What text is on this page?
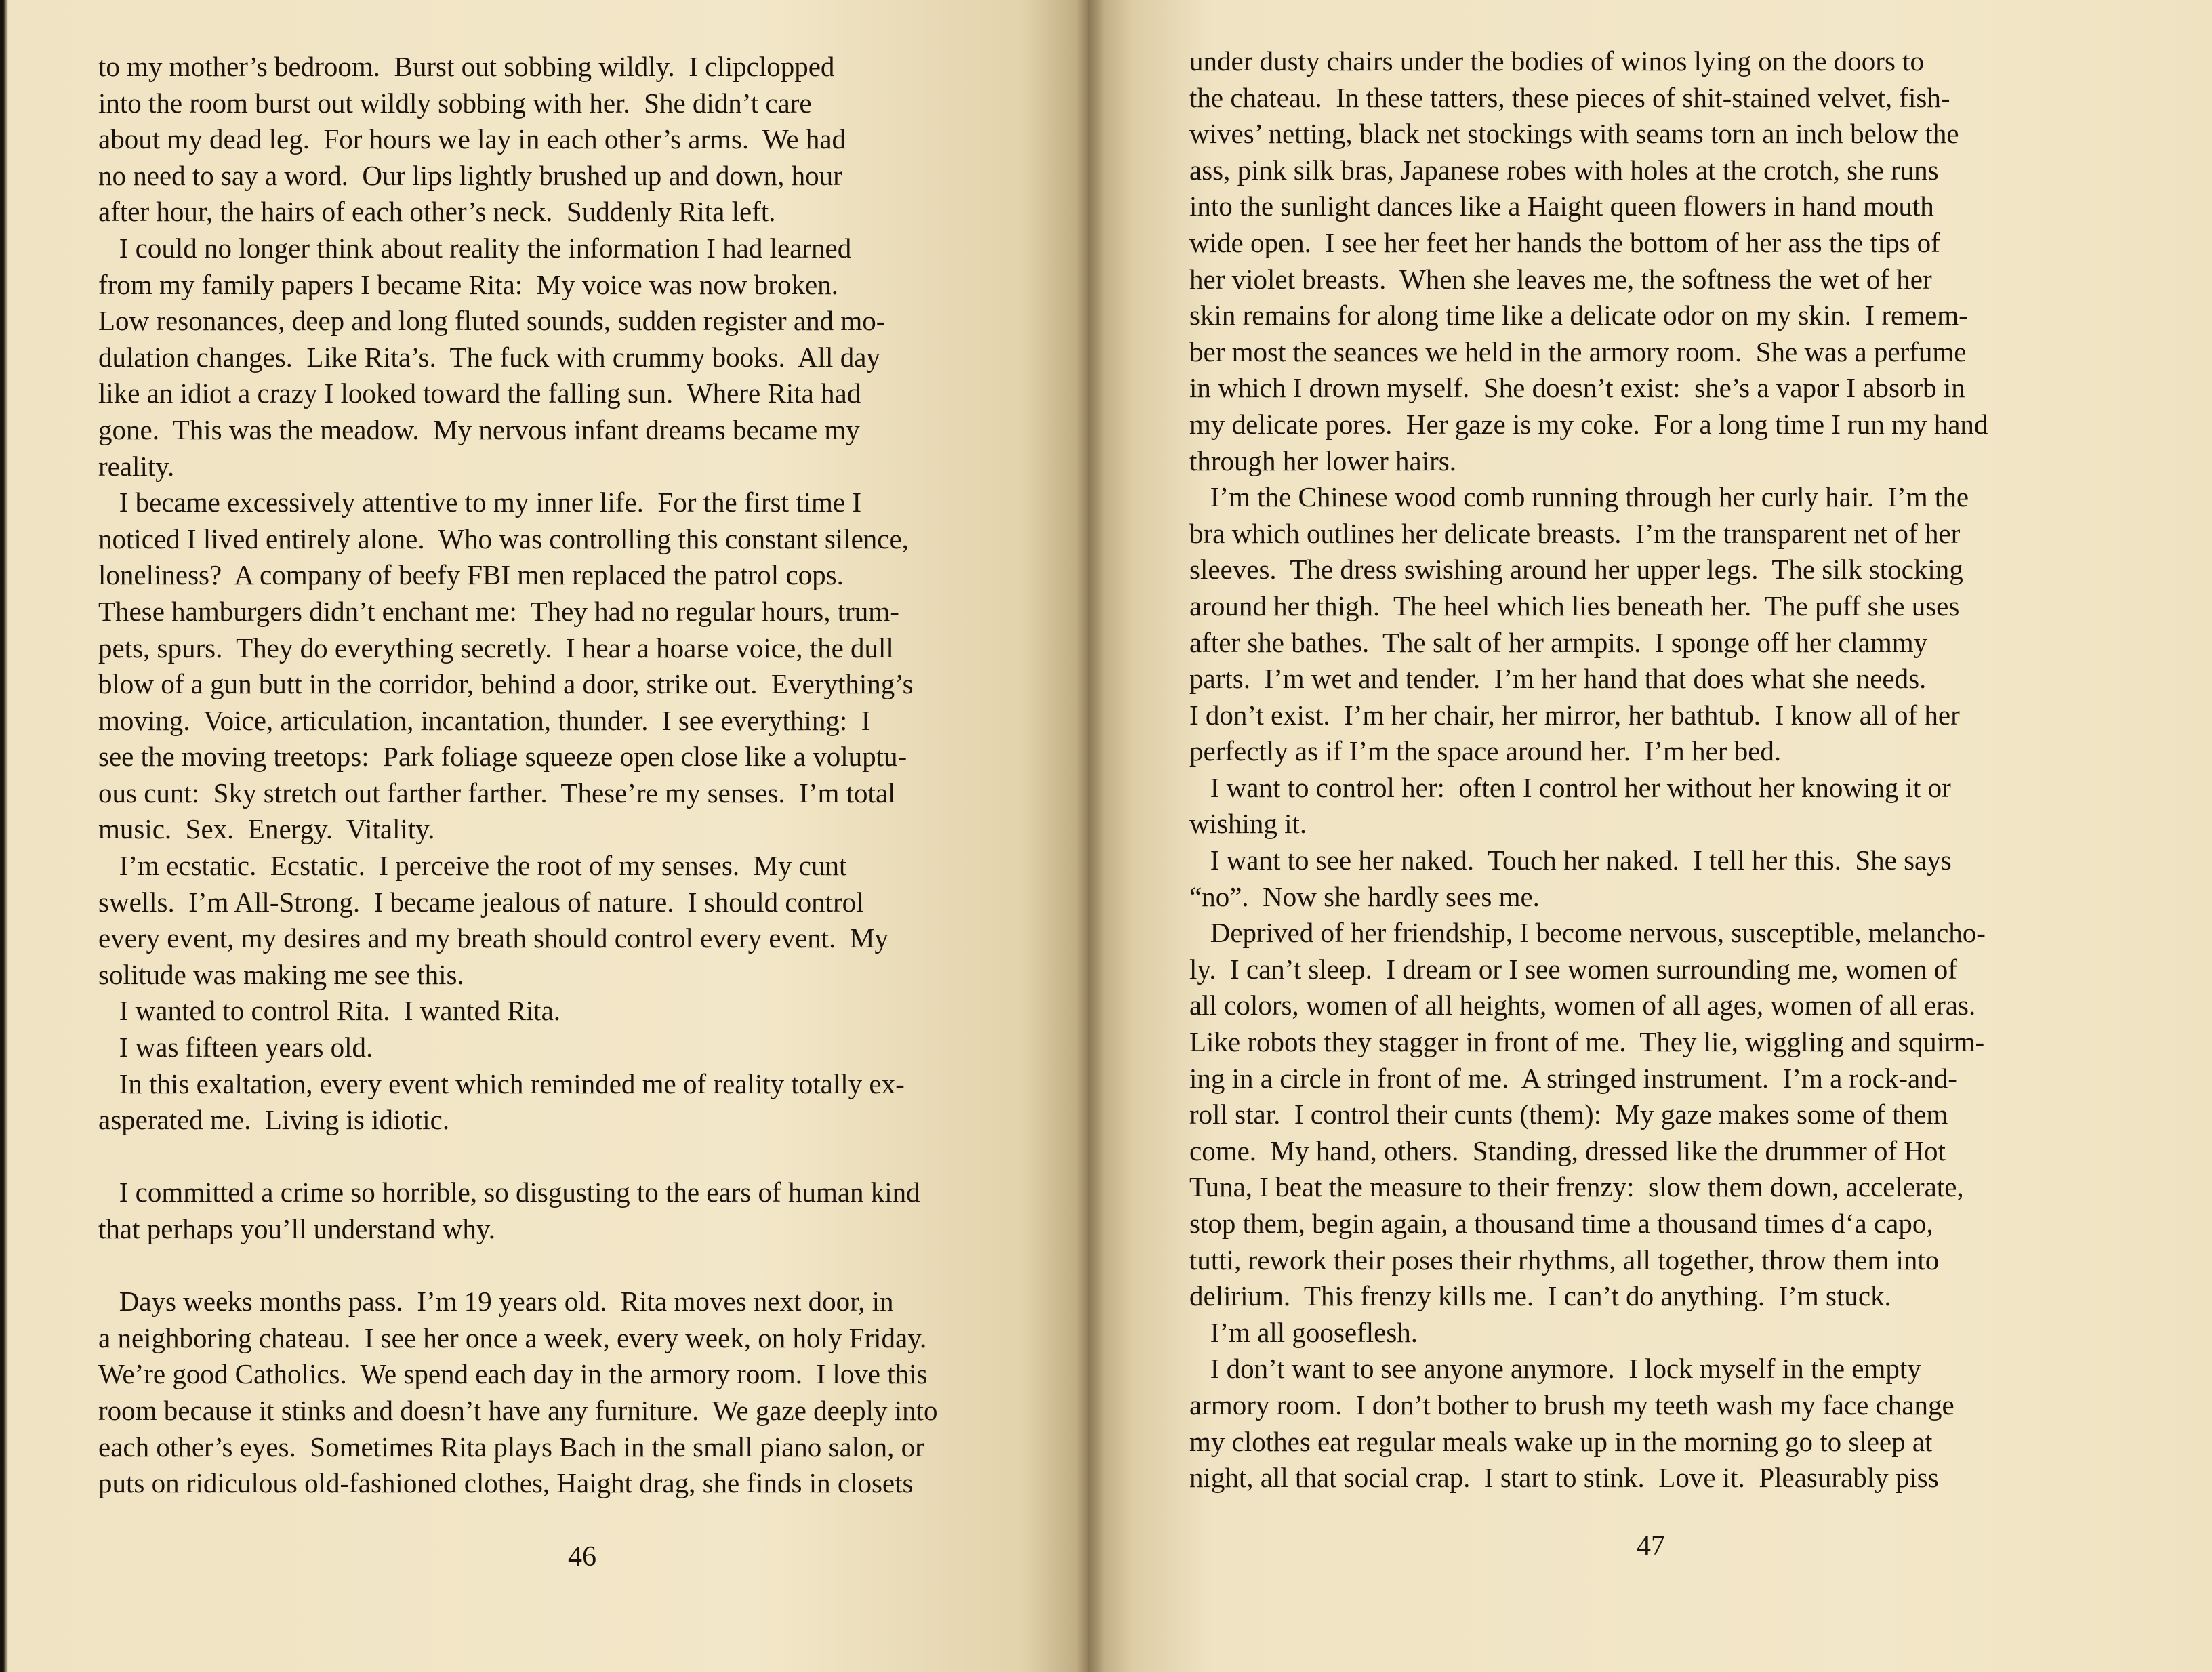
to my mother’s bedroom.  Burst out sobbing wildly.  I clipclopped
into the room burst out wildly sobbing with her.  She didn’t care
about my dead leg.  For hours we lay in each other’s arms.  We had
no need to say a word.  Our lips lightly brushed up and down, hour
after hour, the hairs of each other’s neck.  Suddenly Rita left.
I could no longer think about reality the information I had learned
from my family papers I became Rita:  My voice was now broken.
Low resonances, deep and long fluted sounds, sudden register and mo-
dulation changes.  Like Rita’s.  The fuck with crummy books.  All day
like an idiot a crazy I looked toward the falling sun.  Where Rita had
gone.  This was the meadow.  My nervous infant dreams became my
reality.
I became excessively attentive to my inner life.  For the first time I
noticed I lived entirely alone.  Who was controlling this constant silence,
loneliness?  A company of beefy FBI men replaced the patrol cops.
These hamburgers didn’t enchant me:  They had no regular hours, trum-
pets, spurs.  They do everything secretly.  I hear a hoarse voice, the dull
blow of a gun butt in the corridor, behind a door, strike out.  Everything’s
moving.  Voice, articulation, incantation, thunder.  I see everything:  I
see the moving treetops:  Park foliage squeeze open close like a voluptu-
ous cunt:  Sky stretch out farther farther.  These’re my senses.  I’m total
music.  Sex.  Energy.  Vitality.
I’m ecstatic.  Ecstatic.  I perceive the root of my senses.  My cunt
swells.  I’m All-Strong.  I became jealous of nature.  I should control
every event, my desires and my breath should control every event.  My
solitude was making me see this.
I wanted to control Rita.  I wanted Rita.
I was fifteen years old.
In this exaltation, every event which reminded me of reality totally ex-
asperated me.  Living is idiotic.
I committed a crime so horrible, so disgusting to the ears of human kind
that perhaps you’ll understand why.
Days weeks months pass.  I’m 19 years old.  Rita moves next door, in
a neighboring chateau.  I see her once a week, every week, on holy Friday.
We’re good Catholics.  We spend each day in the armory room.  I love this
room because it stinks and doesn’t have any furniture.  We gaze deeply into
each other’s eyes.  Sometimes Rita plays Bach in the small piano salon, or
puts on ridiculous old-fashioned clothes, Haight drag, she finds in closets
46
under dusty chairs under the bodies of winos lying on the doors to
the chateau.  In these tatters, these pieces of shit-stained velvet, fish-
wives’ netting, black net stockings with seams torn an inch below the
ass, pink silk bras, Japanese robes with holes at the crotch, she runs
into the sunlight dances like a Haight queen flowers in hand mouth
wide open.  I see her feet her hands the bottom of her ass the tips of
her violet breasts.  When she leaves me, the softness the wet of her
skin remains for along time like a delicate odor on my skin.  I remem-
ber most the seances we held in the armory room.  She was a perfume
in which I drown myself.  She doesn’t exist:  she’s a vapor I absorb in
my delicate pores.  Her gaze is my coke.  For a long time I run my hand
through her lower hairs.
I’m the Chinese wood comb running through her curly hair.  I’m the
bra which outlines her delicate breasts.  I’m the transparent net of her
sleeves.  The dress swishing around her upper legs.  The silk stocking
around her thigh.  The heel which lies beneath her.  The puff she uses
after she bathes.  The salt of her armpits.  I sponge off her clammy
parts.  I’m wet and tender.  I’m her hand that does what she needs.
I don’t exist.  I’m her chair, her mirror, her bathtub.  I know all of her
perfectly as if I’m the space around her.  I’m her bed.
I want to control her:  often I control her without her knowing it or
wishing it.
I want to see her naked.  Touch her naked.  I tell her this.  She says
“no”.  Now she hardly sees me.
Deprived of her friendship, I become nervous, susceptible, melancho-
ly.  I can’t sleep.  I dream or I see women surrounding me, women of
all colors, women of all heights, women of all ages, women of all eras.
Like robots they stagger in front of me.  They lie, wiggling and squirm-
ing in a circle in front of me.  A stringed instrument.  I’m a rock-and-
roll star.  I control their cunts (them):  My gaze makes some of them
come.  My hand, others.  Standing, dressed like the drummer of Hot
Tuna, I beat the measure to their frenzy:  slow them down, accelerate,
stop them, begin again, a thousand time a thousand times d‘a capo,
tutti, rework their poses their rhythms, all together, throw them into
delirium.  This frenzy kills me.  I can’t do anything.  I’m stuck.
I’m all gooseflesh.
I don’t want to see anyone anymore.  I lock myself in the empty
armory room.  I don’t bother to brush my teeth wash my face change
my clothes eat regular meals wake up in the morning go to sleep at
night, all that social crap.  I start to stink.  Love it.  Pleasurably piss
47
